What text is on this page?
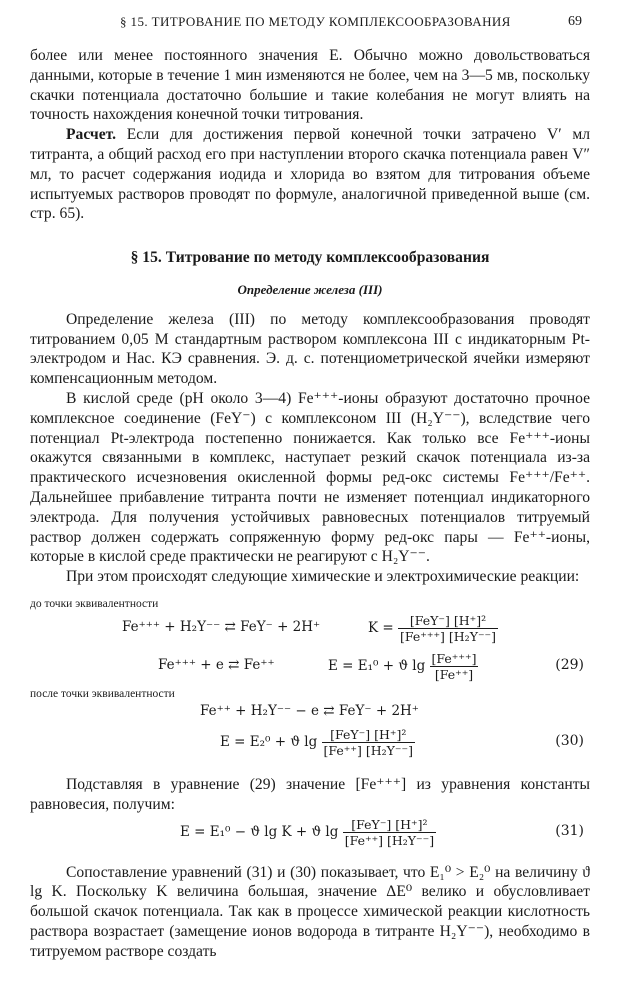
§ 15. ТИТРОВАНИЕ ПО МЕТОДУ КОМПЛЕКСООБРАЗОВАНИЯ	69

более или менее постоянного значения E. Обычно можно довольствоваться данными, которые в течение 1 мин изменяются не более, чем на 3—5 мв, поскольку скачки потенциала достаточно большие и такие колебания не могут влиять на точность нахождения конечной точки титрования.

Расчет. Если для достижения первой конечной точки затрачено V′ мл титранта, а общий расход его при наступлении второго скачка потенциала равен V″ мл, то расчет содержания иодида и хлорида во взятом для титрования объеме испытуемых растворов проводят по формуле, аналогичной приведенной выше (см. стр. 65).

§ 15. Титрование по методу комплексообразования

Определение железа (III)

Определение железа (III) по методу комплексообразования проводят титрованием 0,05 M стандартным раствором комплексона III с индикаторным Pt-электродом и Нас. КЭ сравнения. Э. д. с. потенциометрической ячейки измеряют компенсационным методом.

В кислой среде (pH около 3—4) Fe⁺⁺⁺-ионы образуют достаточно прочное комплексное соединение (FeY⁻) с комплексоном III (H₂Y⁻⁻), вследствие чего потенциал Pt-электрода постепенно понижается. Как только все Fe⁺⁺⁺-ионы окажутся связанными в комплекс, наступает резкий скачок потенциала из-за практического исчезновения окисленной формы ред-окс системы Fe⁺⁺⁺/Fe⁺⁺. Дальнейшее прибавление титранта почти не изменяет потенциал индикаторного электрода. Для получения устойчивых равновесных потенциалов титруемый раствор должен содержать сопряженную форму ред-окс пары — Fe⁺⁺-ионы, которые в кислой среде практически не реагируют с H₂Y⁻⁻.

При этом происходят следующие химические и электрохимические реакции:

до точки эквивалентности

Fe⁺⁺⁺ + H₂Y⁻⁻ ⇄ FeY⁻ + 2H⁺	$K = \frac{\text{[FeY⁻] [H⁺]²}}{\text{[Fe⁺⁺⁺] [H₂Y⁻⁻]}}$
Fe⁺⁺⁺ + e ⇄ Fe⁺⁺	E = E₁⁰ + ϑ $\lg \frac{[Fe^{+++}]}{[Fe^{++}]}$	(29)

после точки эквивалентности

Fe⁺⁺ + H₂Y⁻⁻ − e ⇄ FeY⁻ + 2H⁺
E = E₂⁰ + ϑ $\lg \frac{\text{[FeY⁻] [H⁺]²}}{\text{[Fe⁺⁺] [H₂Y⁻⁻]}}$	(30)

Подставляя в уравнение (29) значение [Fe⁺⁺⁺] из уравнения константы равновесия, получим:

E = E₁⁰ − ϑ lg K + ϑ $\lg \frac{\text{[FeY⁻] [H⁺]²}}{\text{[Fe⁺⁺] [H₂Y⁻⁻]}}$	(31)

Сопоставление уравнений (31) и (30) показывает, что E₁⁰ > E₂⁰ на величину ϑ lg K. Поскольку K величина большая, значение ΔE⁰ велико и обусловливает большой скачок потенциала. Так как в процессе химической реакции кислотность раствора возрастает (замещение ионов водорода в титранте H₂Y⁻⁻), необходимо в титруемом растворе создать
